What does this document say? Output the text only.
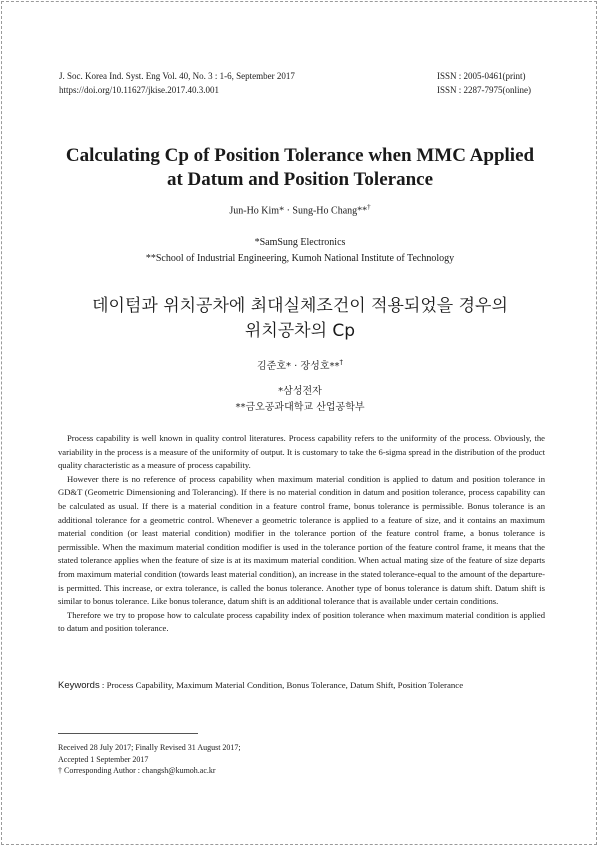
J. Soc. Korea Ind. Syst. Eng Vol. 40, No. 3 : 1-6, September 2017
https://doi.org/10.11627/jkise.2017.40.3.001
ISSN : 2005-0461(print)
ISSN : 2287-7975(online)
Calculating Cp of Position Tolerance when MMC Applied
at Datum and Position Tolerance
Jun-Ho Kim* · Sung-Ho Chang**†
*SamSung Electronics
**School of Industrial Engineering, Kumoh National Institute of Technology
데이텀과 위치공차에 최대실체조건이 적용되었을 경우의
위치공차의 Cp
김준호* · 장성호**†
*삼성전자
**금오공과대학교 산업공학부

Process capability is well known in quality control literatures. Process capability refers to the uniformity of the process. Obviously, the variability in the process is a measure of the uniformity of output. It is customary to take the 6-sigma spread in the distribution of the product quality characteristic as a measure of process capability.

However there is no reference of process capability when maximum material condition is applied to datum and position tolerance in GD&T (Geometric Dimensioning and Tolerancing). If there is no material condition in datum and position tolerance, process capability can be calculated as usual. If there is a material condition in a feature control frame, bonus tolerance is permissible. Bonus tolerance is an additional tolerance for a geometric control. Whenever a geometric tolerance is applied to a feature of size, and it contains an maximum material condition (or least material condition) modifier in the tolerance portion of the feature control frame, a bonus tolerance is permissible. When the maximum material condition modifier is used in the tolerance portion of the feature control frame, it means that the stated tolerance applies when the feature of size is at its maximum material condition. When actual mating size of the feature of size departs from maximum material condition (towards least material condition), an increase in the stated tolerance-equal to the amount of the departure-is permitted. This increase, or extra tolerance, is called the bonus tolerance. Another type of bonus tolerance is datum shift. Datum shift is similar to bonus tolerance. Like bonus tolerance, datum shift is an additional tolerance that is available under certain conditions.

Therefore we try to propose how to calculate process capability index of position tolerance when maximum material condition is applied to datum and position tolerance.

Keywords : Process Capability, Maximum Material Condition, Bonus Tolerance, Datum Shift, Position Tolerance
Received 28 July 2017; Finally Revised 31 August 2017;
Accepted 1 September 2017
† Corresponding Author : changsh@kumoh.ac.kr
